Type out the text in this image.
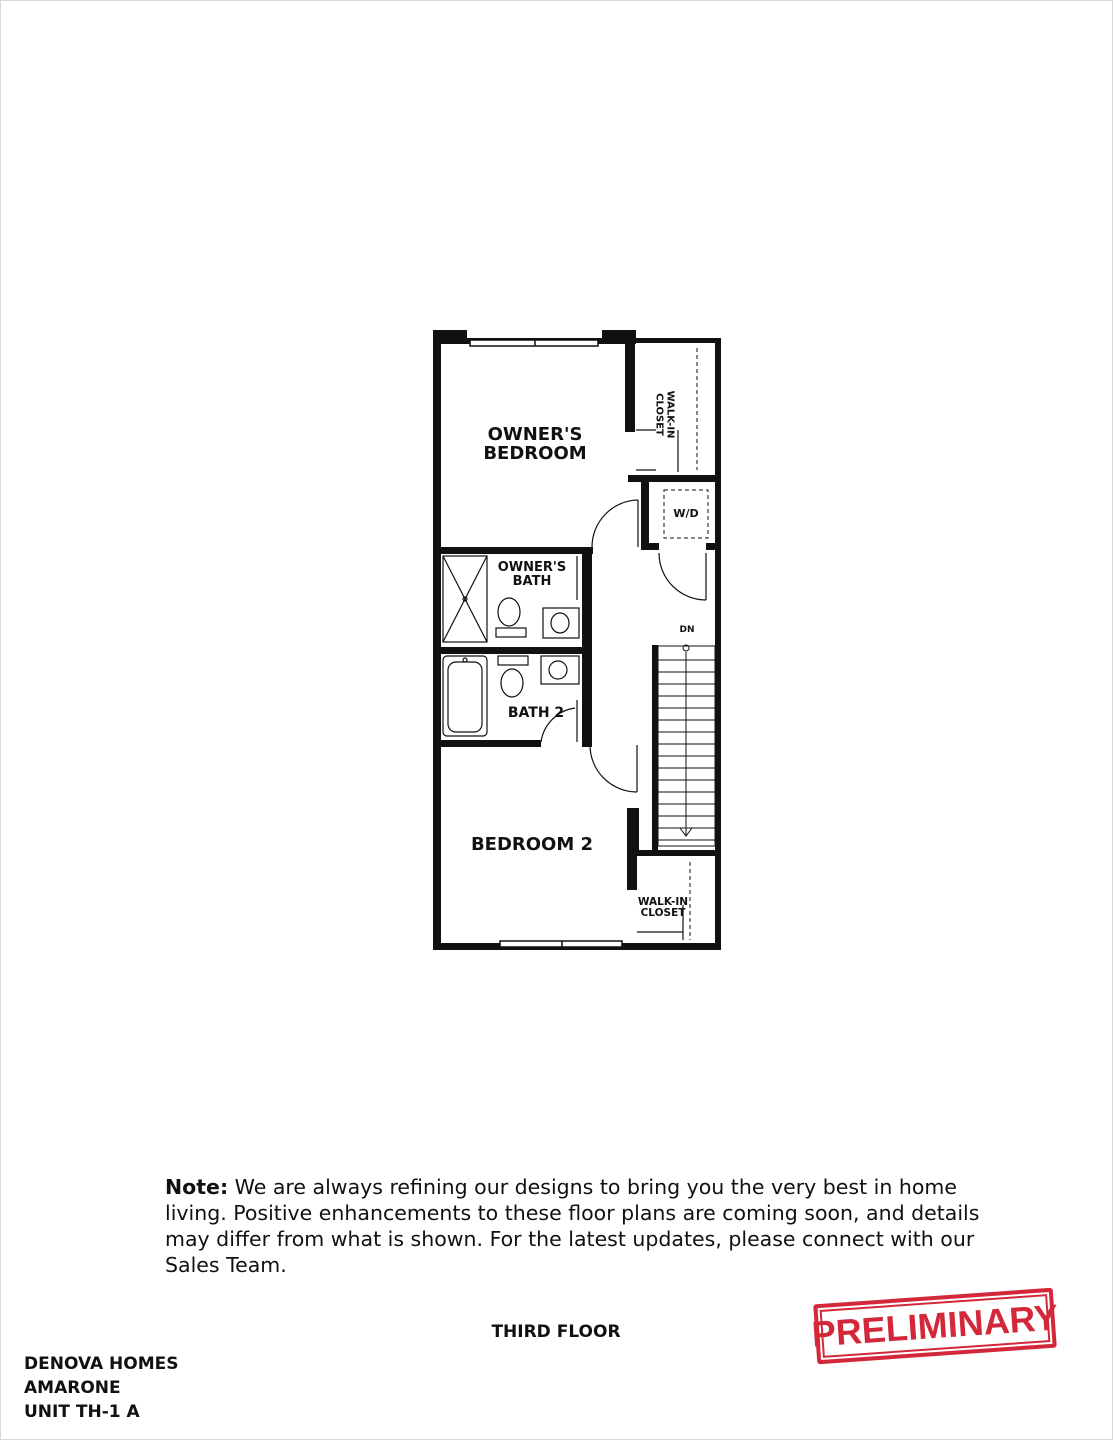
OWNER'S
BEDROOM
WALK-IN
CLOSET
W/D
OWNER'S
BATH
DN
BATH 2
BEDROOM 2
WALK-IN
CLOSET
Note: We are always refining our designs to bring you the very best in home living. Positive enhancements to these floor plans are coming soon, and details may differ from what is shown. For the latest updates, please connect with our Sales Team.
THIRD FLOOR
DENOVA HOMES
AMARONE
UNIT TH-1 A
PRELIMINARY
